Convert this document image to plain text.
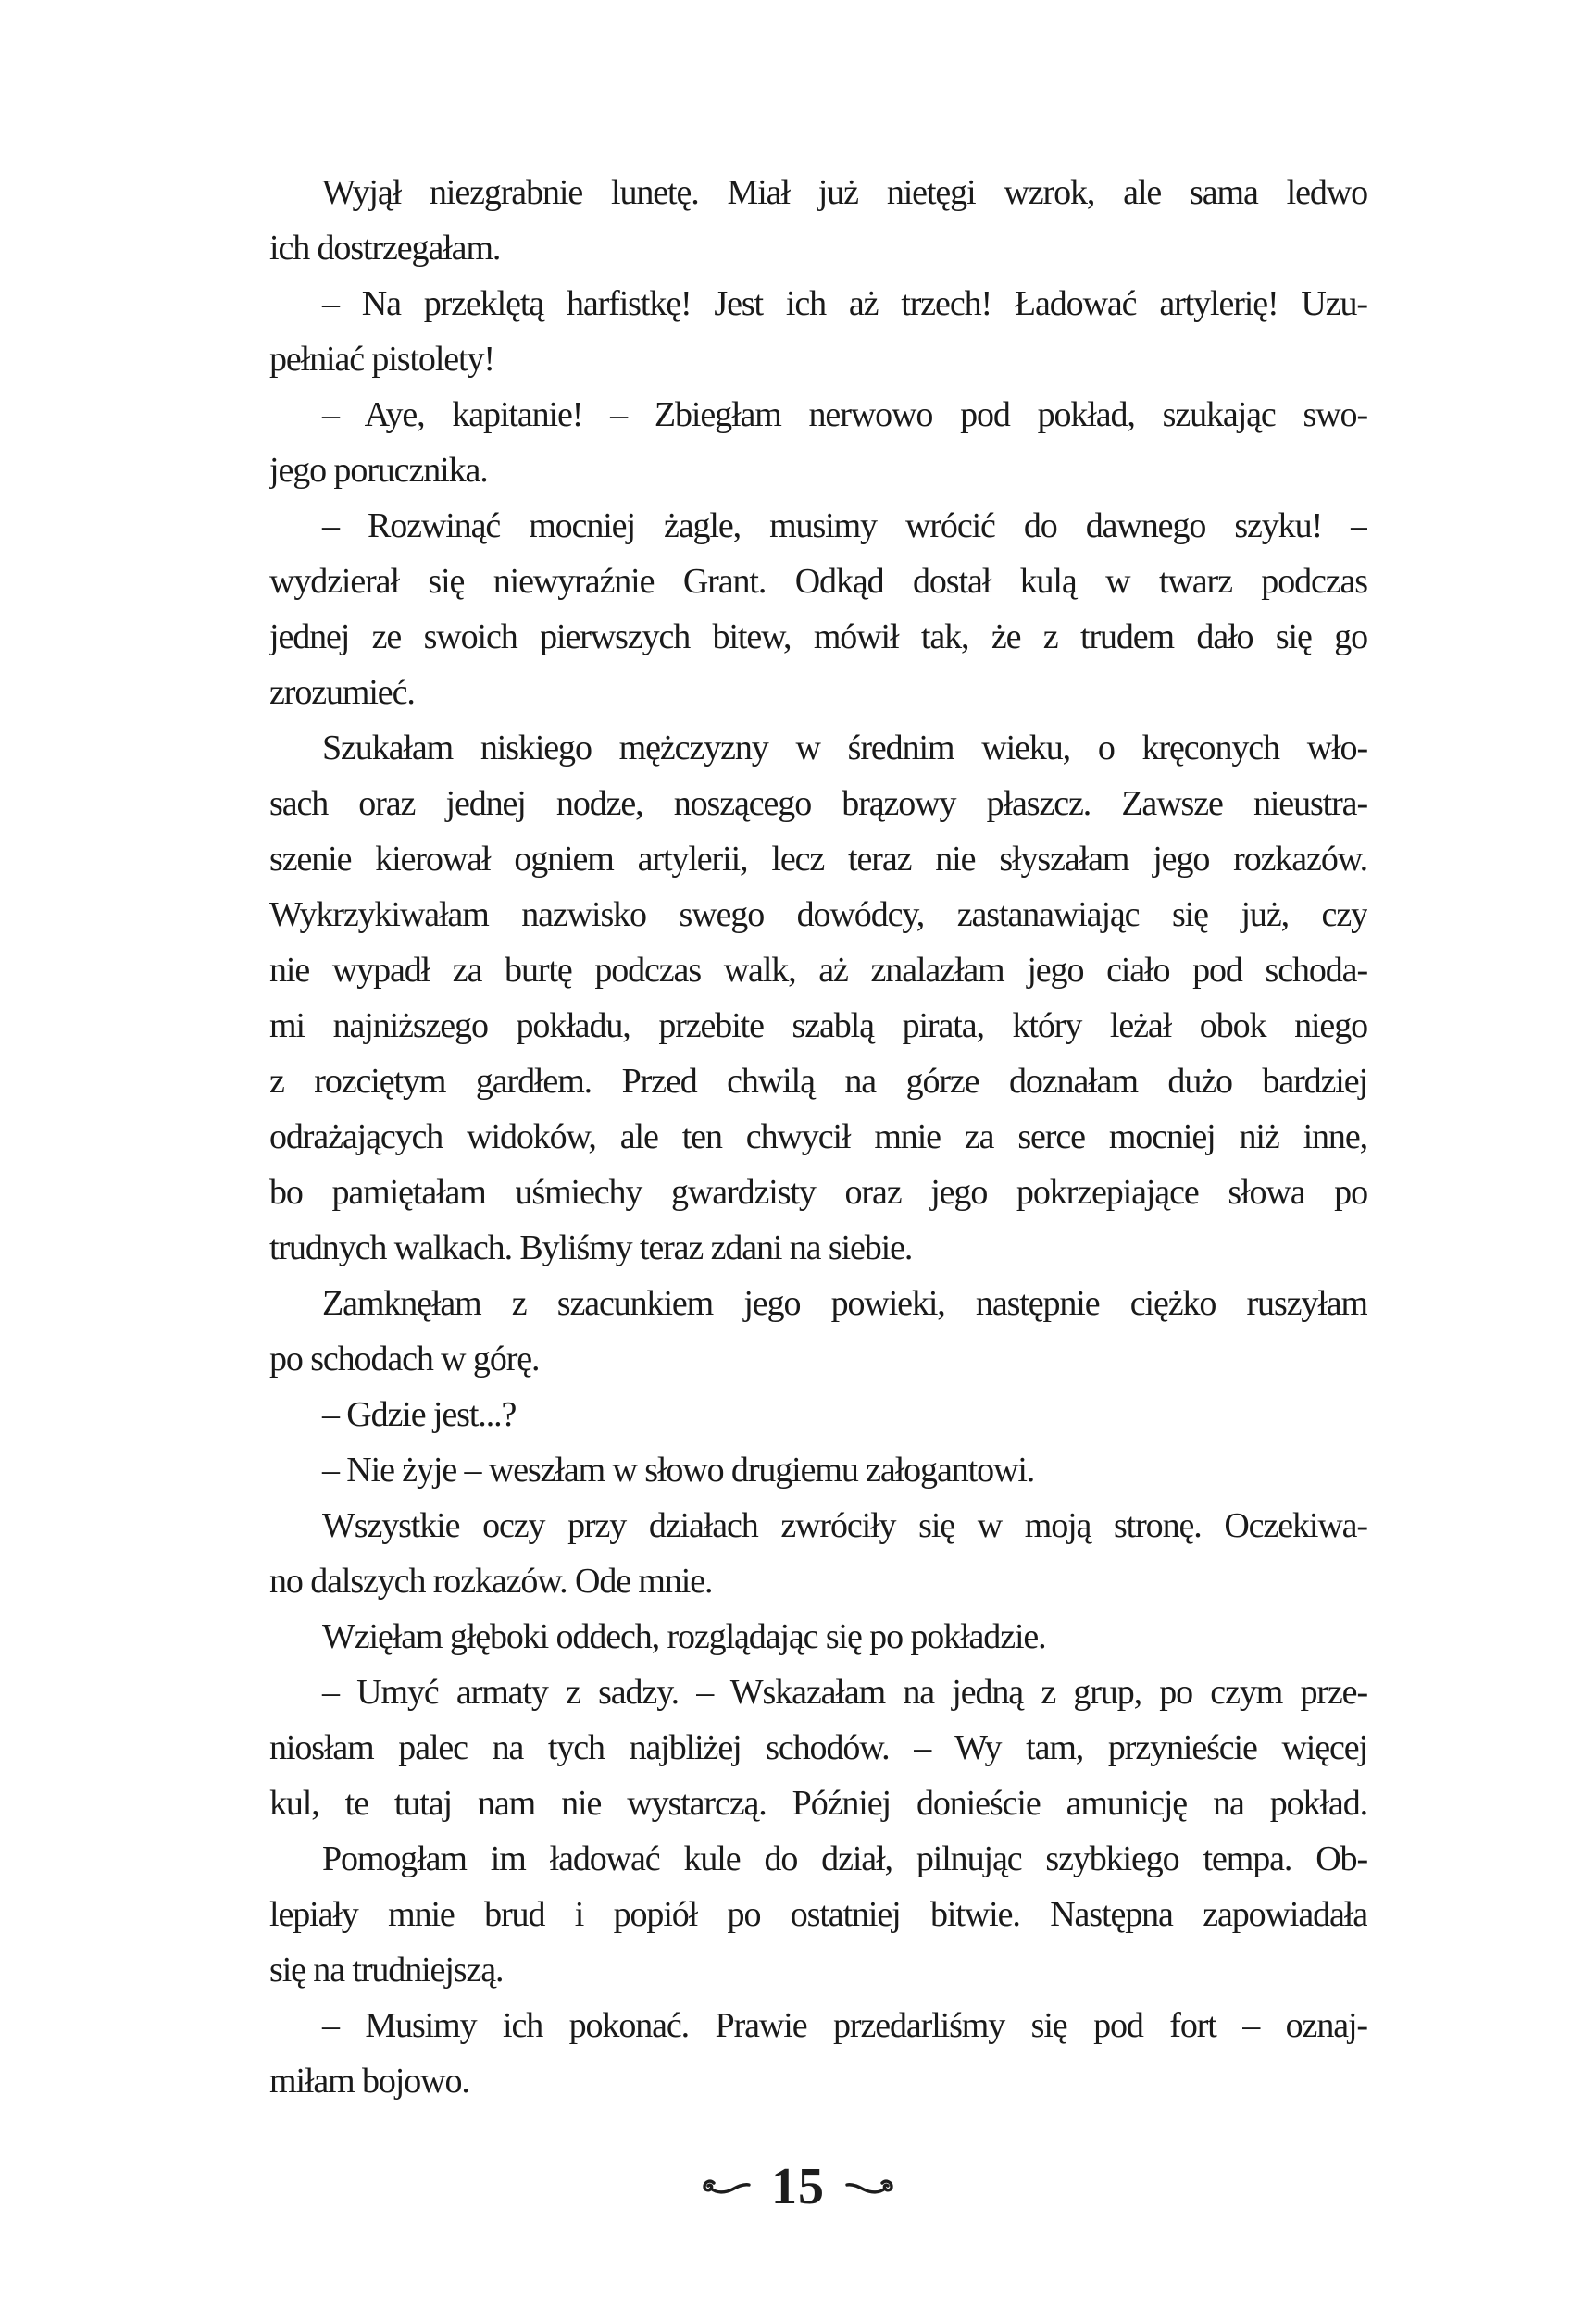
Wyjął niezgrabnie lunetę. Miał już nietęgi wzrok, ale sama ledwo
ich dostrzegałam.
– Na przeklętą harfistkę! Jest ich aż trzech! Ładować artylerię! Uzu-
pełniać pistolety!
– Aye, kapitanie! – Zbiegłam nerwowo pod pokład, szukając swo-
jego porucznika.
– Rozwinąć mocniej żagle, musimy wrócić do dawnego szyku! –
wydzierał się niewyraźnie Grant. Odkąd dostał kulą w twarz podczas
jednej ze swoich pierwszych bitew, mówił tak, że z trudem dało się go
zrozumieć.
Szukałam niskiego mężczyzny w średnim wieku, o kręconych wło-
sach oraz jednej nodze, noszącego brązowy płaszcz. Zawsze nieustra-
szenie kierował ogniem artylerii, lecz teraz nie słyszałam jego rozkazów.
Wykrzykiwałam nazwisko swego dowódcy, zastanawiając się już, czy
nie wypadł za burtę podczas walk, aż znalazłam jego ciało pod schoda-
mi najniższego pokładu, przebite szablą pirata, który leżał obok niego
z rozciętym gardłem. Przed chwilą na górze doznałam dużo bardziej
odrażających widoków, ale ten chwycił mnie za serce mocniej niż inne,
bo pamiętałam uśmiechy gwardzisty oraz jego pokrzepiające słowa po
trudnych walkach. Byliśmy teraz zdani na siebie.
Zamknęłam z szacunkiem jego powieki, następnie ciężko ruszyłam
po schodach w górę.
– Gdzie jest...?
– Nie żyje – weszłam w słowo drugiemu załogantowi.
Wszystkie oczy przy działach zwróciły się w moją stronę. Oczekiwa-
no dalszych rozkazów. Ode mnie.
Wzięłam głęboki oddech, rozglądając się po pokładzie.
– Umyć armaty z sadzy. – Wskazałam na jedną z grup, po czym prze-
niosłam palec na tych najbliżej schodów. – Wy tam, przynieście więcej
kul, te tutaj nam nie wystarczą. Później donieście amunicję na pokład.
Pomogłam im ładować kule do dział, pilnując szybkiego tempa. Ob-
lepiały mnie brud i popiół po ostatniej bitwie. Następna zapowiadała
się na trudniejszą.
– Musimy ich pokonać. Prawie przedarliśmy się pod fort – oznaj-
miłam bojowo.
15
